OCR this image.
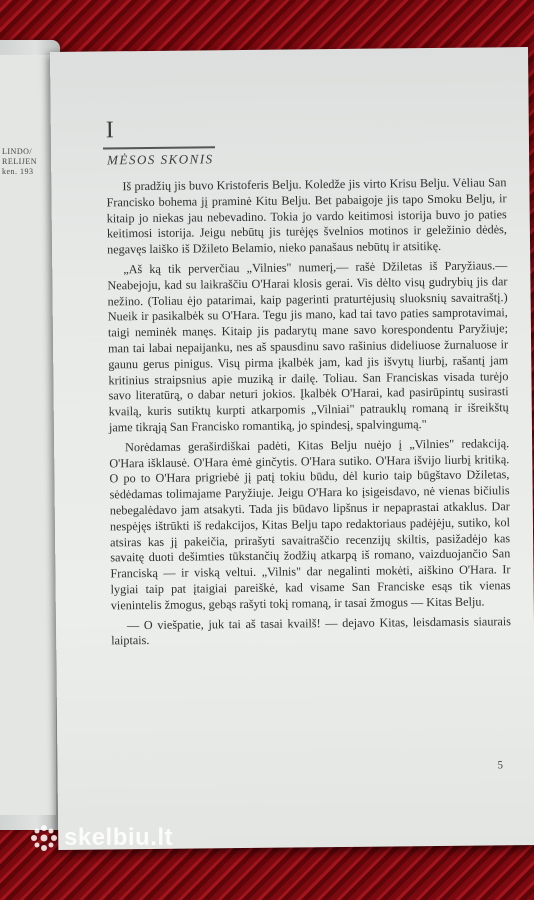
LINDO/
RELIJEN
ken. 193
I
MĖSOS SKONIS

Iš pradžių jis buvo Kristoferis Belju. Koledže jis virto Krisu Belju. Vėliau San Francisko bohema jį praminė Kitu Belju. Bet pabaigoje jis tapo Smoku Belju, ir kitaip jo niekas jau nebevadino. Tokia jo vardo keitimosi istorija buvo jo paties keitimosi istorija. Jeigu nebūtų jis turėjęs švelnios motinos ir geležinio dėdės, negavęs laiško iš Džileto Belamio, nieko panašaus nebūtų ir atsitikę.

„Aš ką tik perverčiau „Vilnies" numerį,— rašė Džiletas iš Paryžiaus.— Neabejoju, kad su laikraščiu O'Harai klosis gerai. Vis dėlto visų gudrybių jis dar nežino. (Toliau ėjo patarimai, kaip pagerinti praturtėjusių sluoksnių savaitraštį.) Nueik ir pasikalbėk su O'Hara. Tegu jis mano, kad tai tavo paties samprotavimai, taigi neminėk manęs. Kitaip jis padarytų mane savo korespondentu Paryžiuje; man tai labai nepaĳanku, nes aš spausdinu savo rašinius dideliuose žurnaluose ir gaunu gerus pinigus. Visų pirma įkalbėk jam, kad jis išvytų liurbį, rašantį jam kritinius straipsnius apie muziką ir dailę. Toliau. San Franciskas visada turėjo savo literatūrą, o dabar neturi jokios. Įkalbėk O'Harai, kad pasirūpintų susirasti kvailą, kuris sutiktų kurpti atkarpomis „Vilniai" patrauklų romaną ir išreikštų jame tikrąją San Francisko romantiką, jo spindesį, spalvingumą."

Norėdamas geraširdiškai padėti, Kitas Belju nuėjo į „Vilnies" redakciją. O'Hara išklausė. O'Hara ėmė ginčytis. O'Hara sutiko. O'Hara išvijo liurbį kritiką. O po to O'Hara prigriebė jį patį tokiu būdu, dėl kurio taip būgštavo Džiletas, sėdėdamas tolimajame Paryžiuje. Jeigu O'Hara ko įsigeisdavo, nė vienas bičiulis nebegalėdavo jam atsakyti. Tada jis būdavo lipšnus ir nepaprastai atkaklus. Dar nespėjęs ištrūkti iš redakcijos, Kitas Belju tapo redaktoriaus padėjėju, sutiko, kol atsiras kas jį pakeičia, prirašyti savaitraščio recenzijų skiltis, pasižadėjo kas savaitę duoti dešimties tūkstančių žodžių atkarpą iš romano, vaizduojančio San Franciską — ir viską veltui. „Vilnis" dar negalinti mokėti, aiškino O'Hara. Ir lygiai taip pat įtaigiai pareiškė, kad visame San Franciske esąs tik vienas vienintelis žmogus, gebąs rašyti tokį romaną, ir tasai žmogus — Kitas Belju.

— O viešpatie, juk tai aš tasai kvailš! — dejavo Kitas, leisdamasis siaurais laiptais.

5
skelbiu.lt
